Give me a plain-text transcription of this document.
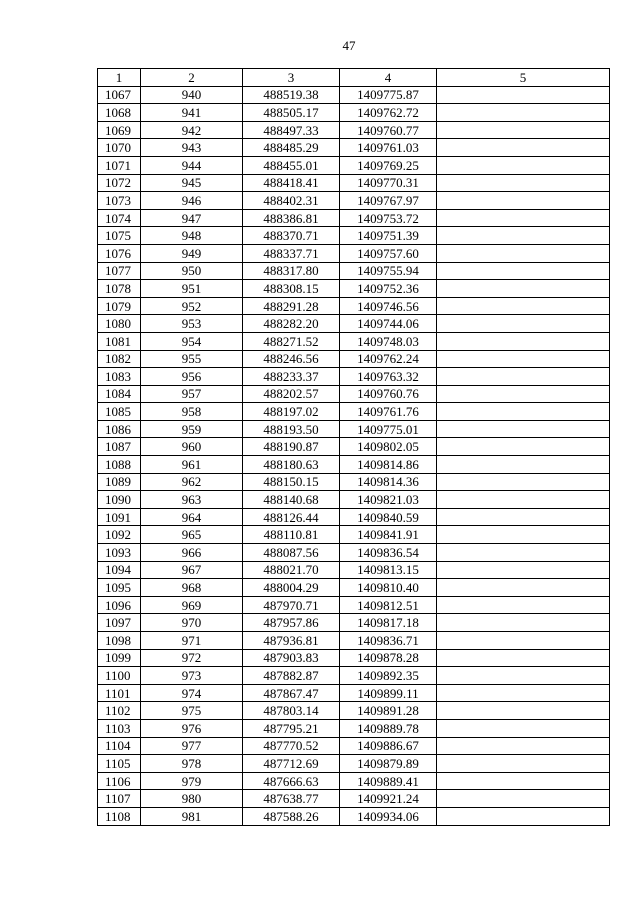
47
1	2	3	4	5
1067	940	488519.38	1409775.87	
1068	941	488505.17	1409762.72	
1069	942	488497.33	1409760.77	
1070	943	488485.29	1409761.03	
1071	944	488455.01	1409769.25	
1072	945	488418.41	1409770.31	
1073	946	488402.31	1409767.97	
1074	947	488386.81	1409753.72	
1075	948	488370.71	1409751.39	
1076	949	488337.71	1409757.60	
1077	950	488317.80	1409755.94	
1078	951	488308.15	1409752.36	
1079	952	488291.28	1409746.56	
1080	953	488282.20	1409744.06	
1081	954	488271.52	1409748.03	
1082	955	488246.56	1409762.24	
1083	956	488233.37	1409763.32	
1084	957	488202.57	1409760.76	
1085	958	488197.02	1409761.76	
1086	959	488193.50	1409775.01	
1087	960	488190.87	1409802.05	
1088	961	488180.63	1409814.86	
1089	962	488150.15	1409814.36	
1090	963	488140.68	1409821.03	
1091	964	488126.44	1409840.59	
1092	965	488110.81	1409841.91	
1093	966	488087.56	1409836.54	
1094	967	488021.70	1409813.15	
1095	968	488004.29	1409810.40	
1096	969	487970.71	1409812.51	
1097	970	487957.86	1409817.18	
1098	971	487936.81	1409836.71	
1099	972	487903.83	1409878.28	
1100	973	487882.87	1409892.35	
1101	974	487867.47	1409899.11	
1102	975	487803.14	1409891.28	
1103	976	487795.21	1409889.78	
1104	977	487770.52	1409886.67	
1105	978	487712.69	1409879.89	
1106	979	487666.63	1409889.41	
1107	980	487638.77	1409921.24	
1108	981	487588.26	1409934.06	
